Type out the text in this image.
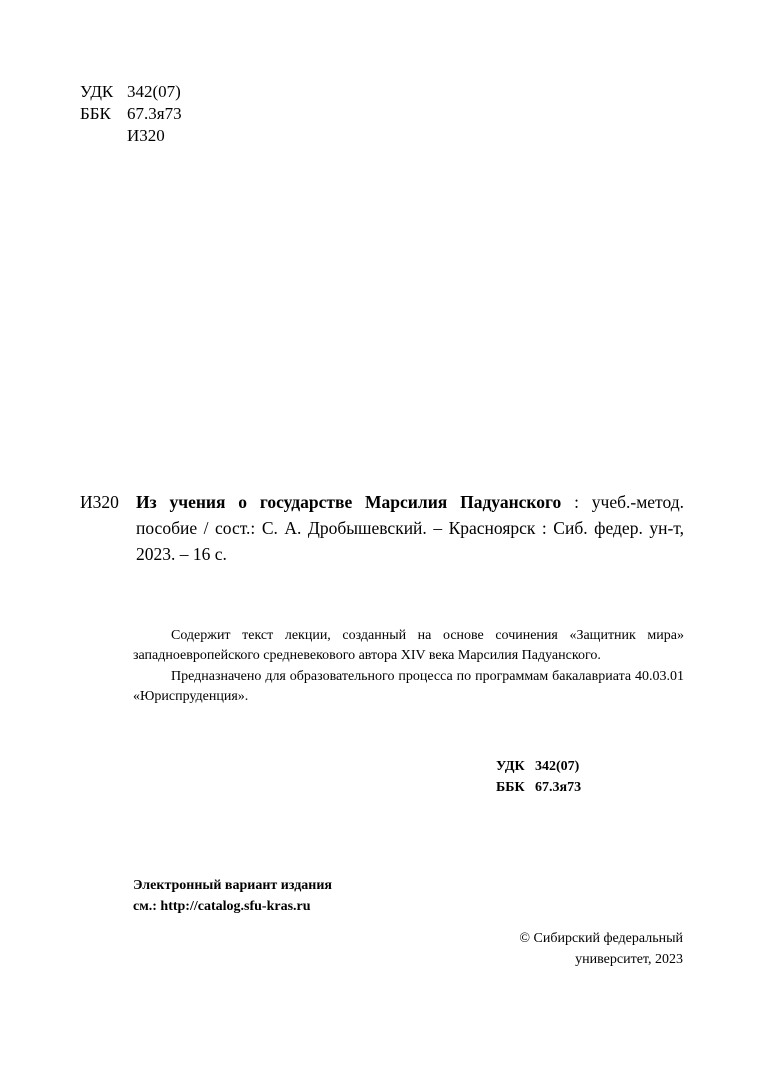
УДК 342(07)
ББК 67.3я73
И320
И320 Из учения о государстве Марсилия Падуанского : учеб.-метод. пособие / сост.: С. А. Дробышевский. – Красноярск : Сиб. федер. ун-т, 2023. – 16 с.

Содержит текст лекции, созданный на основе сочинения «Защитник мира» западноевропейского средневекового автора XIV века Марсилия Падуанского.

Предназначено для образовательного процесса по программам бакалавриата 40.03.01 «Юриспруденция».

УДК 342(07)
ББК 67.3я73
Электронный вариант издания
см.: http://catalog.sfu-kras.ru
© Сибирский федеральный
университет, 2023
